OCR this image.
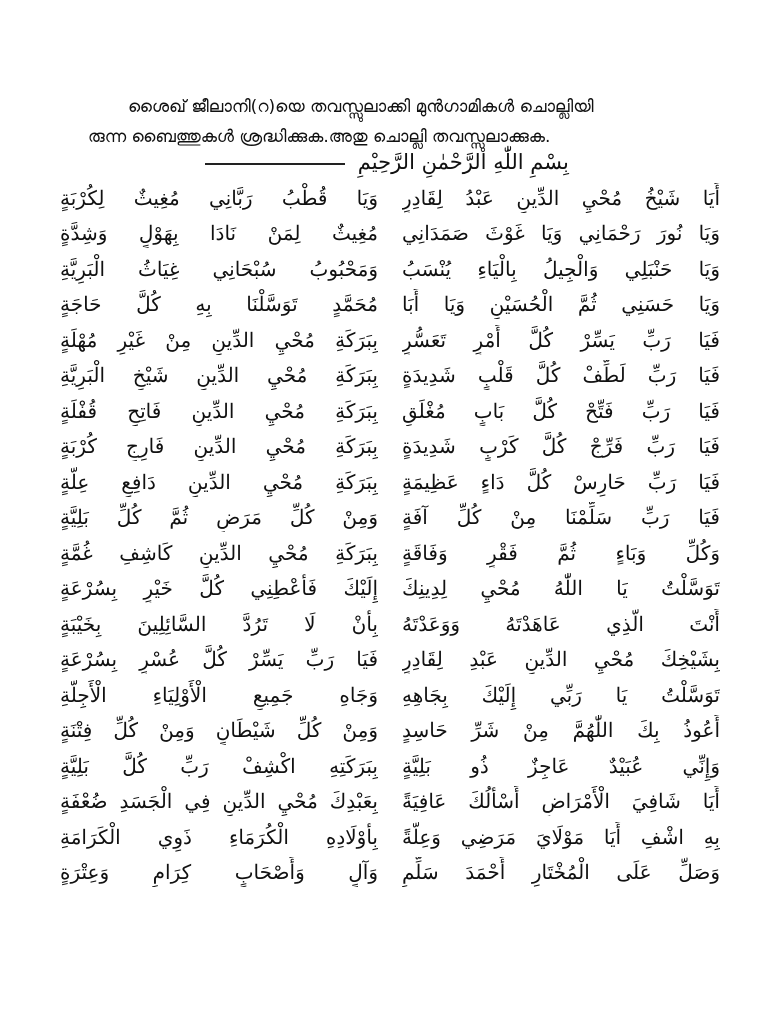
ശൈഖ് ജീലാനി(റ)യെ തവസ്സുലാക്കി മുൻഗാമികൾ ചൊല്ലിയി
രുന്ന ബൈത്തുകൾ ശ്രദ്ധിക്കുക.അതു ചൊല്ലി തവസ്സുലാക്കുക.
بِسْمِ اللّٰهِ الرَّحْمٰنِ الرَّحِيْمِ
أَيَا شَيْخُ مُحْيِ الدِّينِ عَبْدُ لِقَادِرٍ
وَيَا قُطْبُ رَبَّانِي مُغِيثٌ لِكُرْبَةٍ
وَيَا نُورَ رَحْمَانِي وَيَا غَوْثَ صَمَدَانِي
مُغِيثٌ لِمَنْ نَادَا بِهَوْلٍ وَشِدَّةٍ
وَيَا حَنْبَلِي وَالْجِيلُ بِالْيَاءِ يُنْسَبُ
وَمَحْبُوبُ سُبْحَانِي غِيَاثُ الْبَرِيَّةِ
وَيَا حَسَنِي ثُمَّ الْحُسَيْنِ وَيَا أَبَا
مُحَمَّدٍ تَوَسَّلْنَا بِهِ كُلَّ حَاجَةٍ
فَيَا رَبِّ يَسِّرْ كُلَّ أَمْرٍ تَعَسُّرٍ
بِبَرَكَةِ مُحْيِ الدِّينِ مِنْ غَيْرِ مُهْلَةٍ
فَيَا رَبِّ لَطِّفْ كُلَّ قَلْبٍ شَدِيدَةٍ
بِبَرَكَةِ مُحْيِ الدِّينِ شَيْخِ الْبَرِيَّةِ
فَيَا رَبِّ فَتِّحْ كُلَّ بَابٍ مُغْلَقٍ
بِبَرَكَةِ مُحْيِ الدِّينِ فَاتِحِ قُفْلَةٍ
فَيَا رَبِّ فَرِّجْ كُلَّ كَرْبٍ شَدِيدَةٍ
بِبَرَكَةِ مُحْيِ الدِّينِ فَارِجِ كُرْبَةٍ
فَيَا رَبِّ حَارِسْ كُلَّ دَاءٍ عَظِيمَةٍ
بِبَرَكَةِ مُحْيِ الدِّينِ دَافِعِ عِلَّةٍ
فَيَا رَبِّ سَلِّمْنَا مِنْ كُلِّ آفَةٍ
وَمِنْ كُلِّ مَرَضٍ ثُمَّ كُلِّ بَلِيَّةٍ
وَكُلِّ وَبَاءٍ ثُمَّ فَقْرٍ وَفَاقَةٍ
بِبَرَكَةِ مُحْيِ الدِّينِ كَاشِفِ غُمَّةٍ
تَوَسَّلْتُ يَا اللّٰهُ مُحْيِ لِدِينِكَ
إِلَيْكَ فَأَعْطِنِي كُلَّ خَيْرٍ بِسُرْعَةٍ
أَنْتَ الَّذِي عَاهَدْتَهُ وَوَعَدْتَهُ
بِأَنْ لَا تَرُدَّ السَّائِلِينَ بِخَيْبَةٍ
بِشَيْخِكَ مُحْيِ الدِّينِ عَبْدِ لِقَادِرٍ
فَيَا رَبِّ يَسِّرْ كُلَّ عُسْرٍ بِسُرْعَةٍ
تَوَسَّلْتُ يَا رَبِّي إِلَيْكَ بِجَاهِهِ
وَجَاهِ جَمِيعِ الْأَوْلِيَاءِ الْأَجِلَّةِ
أَعُوذُ بِكَ اللّٰهُمَّ مِنْ شَرِّ حَاسِدٍ
وَمِنْ كُلِّ شَيْطَانٍ وَمِنْ كُلِّ فِتْنَةٍ
وَإِنِّي عُبَيْدٌ عَاجِزٌ ذُو بَلِيَّةٍ
بِبَرَكَتِهِ اكْشِفْ رَبِّ كُلَّ بَلِيَّةٍ
أَيَا شَافِيَ الْأَمْرَاضِ أَسْأَلُكَ عَافِيَةً
بِعَبْدِكَ مُحْيِ الدِّينِ فِي الْجَسَدِ ضُعْفَةٍ
بِهِ اشْفِ أَيَا مَوْلَايَ مَرَضِي وَعِلَّةً
بِأَوْلَادِهِ الْكُرَمَاءِ ذَوِي الْكَرَامَةِ
وَصَلِّ عَلَى الْمُخْتَارِ أَحْمَدَ سَلِّمٍ
وَآلٍ وَأَصْحَابٍ كِرَامٍ وَعِتْرَةٍ
